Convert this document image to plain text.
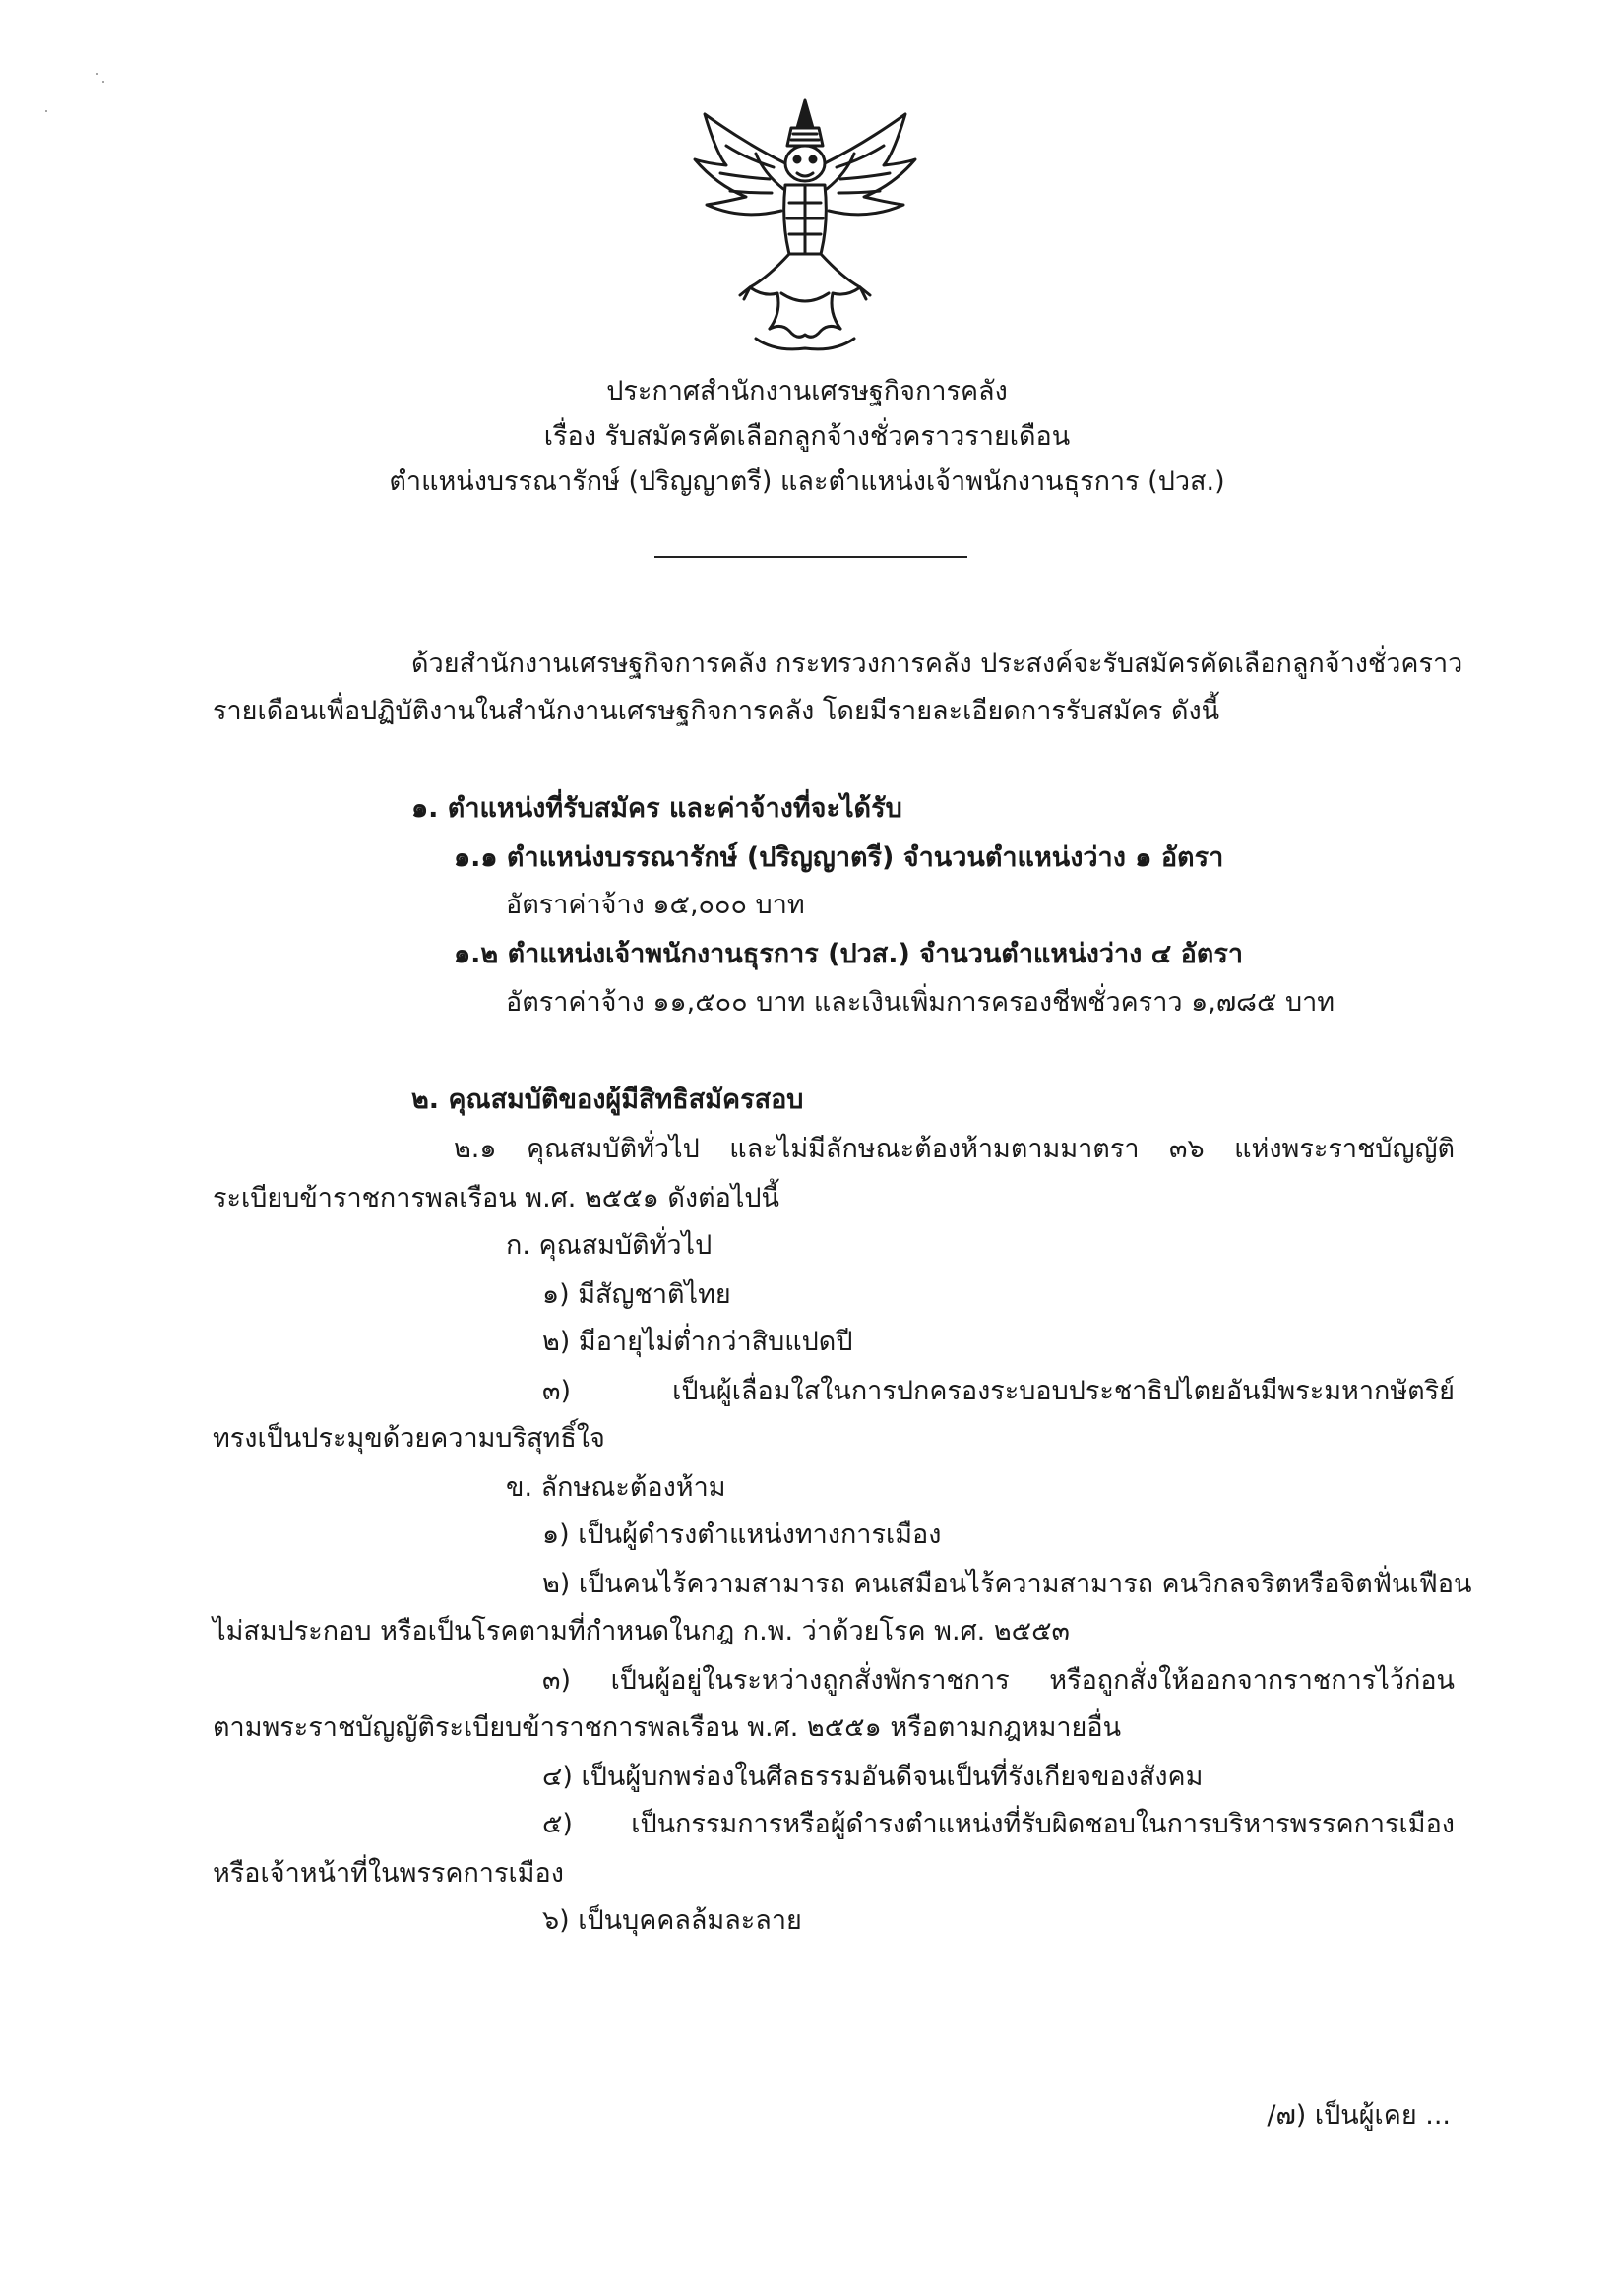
ประกาศสำนักงานเศรษฐกิจการคลัง
เรื่อง รับสมัครคัดเลือกลูกจ้างชั่วคราวรายเดือน
ตำแหน่งบรรณารักษ์ (ปริญญาตรี) และตำแหน่งเจ้าพนักงานธุรการ (ปวส.)
ด้วยสำนักงานเศรษฐกิจการคลัง กระทรวงการคลัง ประสงค์จะรับสมัครคัดเลือกลูกจ้างชั่วคราว
รายเดือนเพื่อปฏิบัติงานในสำนักงานเศรษฐกิจการคลัง โดยมีรายละเอียดการรับสมัคร ดังนี้
๑. ตำแหน่งที่รับสมัคร และค่าจ้างที่จะได้รับ
๑.๑ ตำแหน่งบรรณารักษ์ (ปริญญาตรี) จำนวนตำแหน่งว่าง ๑ อัตรา
อัตราค่าจ้าง ๑๕,๐๐๐ บาท
๑.๒ ตำแหน่งเจ้าพนักงานธุรการ (ปวส.) จำนวนตำแหน่งว่าง ๔ อัตรา
อัตราค่าจ้าง ๑๑,๕๐๐ บาท และเงินเพิ่มการครองชีพชั่วคราว ๑,๗๘๕ บาท
๒. คุณสมบัติของผู้มีสิทธิสมัครสอบ
๒.๑ คุณสมบัติทั่วไป และไม่มีลักษณะต้องห้ามตามมาตรา ๓๖ แห่งพระราชบัญญัติ
ระเบียบข้าราชการพลเรือน พ.ศ. ๒๕๕๑ ดังต่อไปนี้
ก. คุณสมบัติทั่วไป
๑) มีสัญชาติไทย
๒) มีอายุไม่ต่ำกว่าสิบแปดปี
๓) เป็นผู้เลื่อมใสในการปกครองระบอบประชาธิปไตยอันมีพระมหากษัตริย์
ทรงเป็นประมุขด้วยความบริสุทธิ์ใจ
ข. ลักษณะต้องห้าม
๑) เป็นผู้ดำรงตำแหน่งทางการเมือง
๒) เป็นคนไร้ความสามารถ คนเสมือนไร้ความสามารถ คนวิกลจริตหรือจิตฟั่นเฟือน
ไม่สมประกอบ หรือเป็นโรคตามที่กำหนดในกฎ ก.พ. ว่าด้วยโรค พ.ศ. ๒๕๕๓
๓) เป็นผู้อยู่ในระหว่างถูกสั่งพักราชการ หรือถูกสั่งให้ออกจากราชการไว้ก่อน
ตามพระราชบัญญัติระเบียบข้าราชการพลเรือน พ.ศ. ๒๕๕๑ หรือตามกฎหมายอื่น
๔) เป็นผู้บกพร่องในศีลธรรมอันดีจนเป็นที่รังเกียจของสังคม
๕) เป็นกรรมการหรือผู้ดำรงตำแหน่งที่รับผิดชอบในการบริหารพรรคการเมือง
หรือเจ้าหน้าที่ในพรรคการเมือง
๖) เป็นบุคคลล้มละลาย
/๗) เป็นผู้เคย ...
